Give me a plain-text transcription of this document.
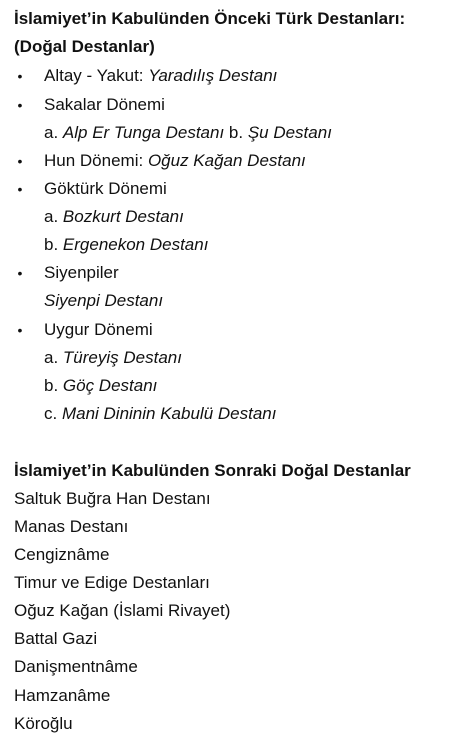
İslamiyet’in Kabulünden Önceki Türk Destanları:
(Doğal Destanlar)
• Altay - Yakut: Yaradılış Destanı
• Sakalar Dönemi
a. Alp Er Tunga Destanı b. Şu Destanı
• Hun Dönemi: Oğuz Kağan Destanı
• Göktürk Dönemi
a. Bozkurt Destanı
b. Ergenekon Destanı
• Siyenpiler
Siyenpi Destanı
• Uygur Dönemi
a. Türeyiş Destanı
b. Göç Destanı
c. Mani Dininin Kabulü Destanı
İslamiyet’in Kabulünden Sonraki Doğal Destanlar
Saltuk Buğra Han Destanı
Manas Destanı
Cengiznâme
Timur ve Edige Destanları
Oğuz Kağan (İslami Rivayet)
Battal Gazi
Danişmentnâme
Hamzanâme
Köroğlu
